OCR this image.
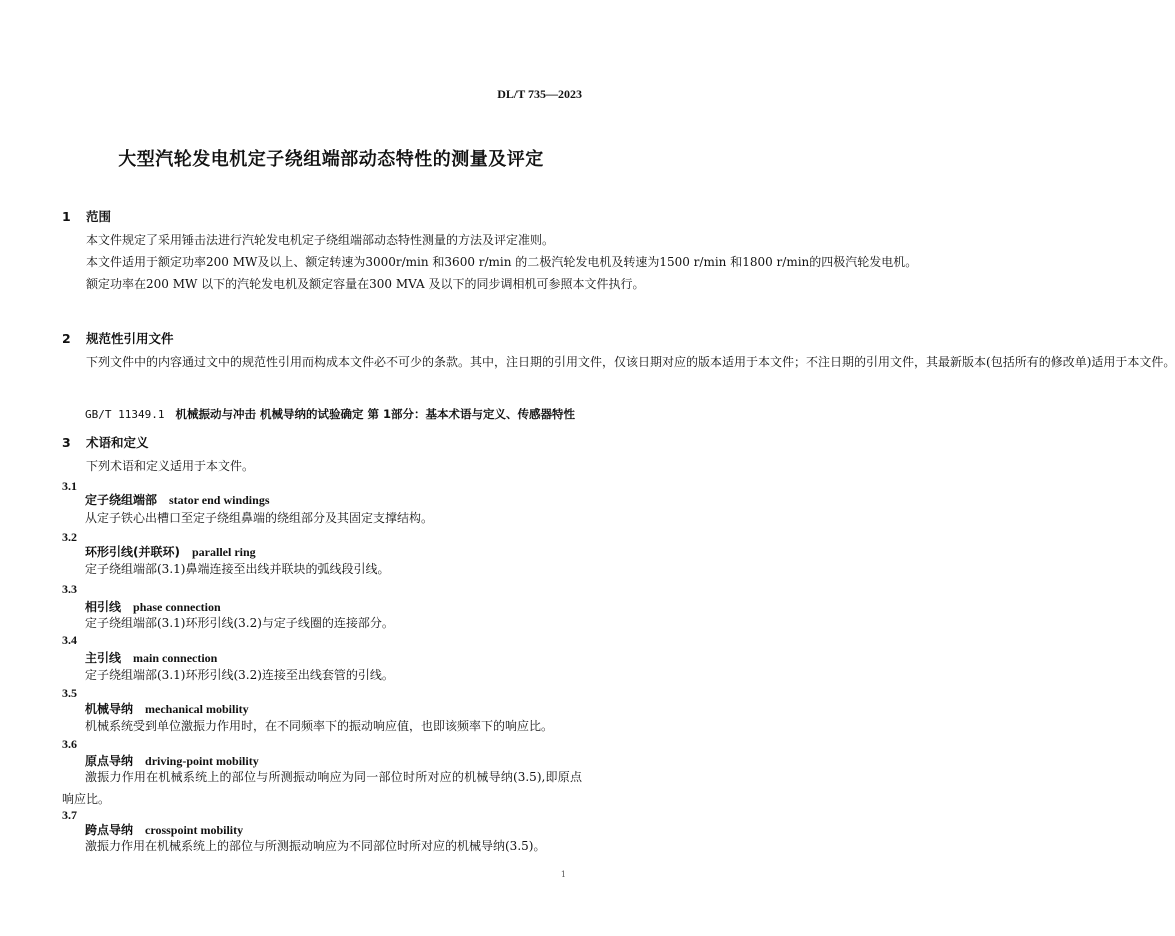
DL/T 735—2023
大型汽轮发电机定子绕组端部动态特性的测量及评定
1 范围

本文件规定了采用锤击法进行汽轮发电机定子绕组端部动态特性测量的方法及评定准则。

本文件适用于额定功率200 MW及以上、额定转速为3000r/min 和3600 r/min 的二极汽轮发电机及转速为1500 r/min 和1800 r/min的四极汽轮发电机。

额定功率在200 MW 以下的汽轮发电机及额定容量在300 MVA 及以下的同步调相机可参照本文件执行。

2 规范性引用文件

下列文件中的内容通过文中的规范性引用而构成本文件必不可少的条款。其中，注日期的引用文件，仅该日期对应的版本适用于本文件；不注日期的引用文件，其最新版本(包括所有的修改单)适用于本文件。

GB/T 11349.1 机械振动与冲击 机械导纳的试验确定 第 1部分：基本术语与定义、传感器特性
3 术语和定义

下列术语和定义适用于本文件。

3.1
定子绕组端部 stator end windings

从定子铁心出槽口至定子绕组鼻端的绕组部分及其固定支撑结构。

3.2
环形引线(并联环) parallel ring

定子绕组端部(3.1)鼻端连接至出线并联块的弧线段引线。

3.3
相引线 phase connection

定子绕组端部(3.1)环形引线(3.2)与定子线圈的连接部分。

3.4
主引线 main connection

定子绕组端部(3.1)环形引线(3.2)连接至出线套管的引线。

3.5
机械导纳 mechanical mobility

机械系统受到单位激振力作用时，在不同频率下的振动响应值，也即该频率下的响应比。

3.6
原点导纳 driving-point mobility

激振力作用在机械系统上的部位与所测振动响应为同一部位时所对应的机械导纳(3.5),即原点响应比。

3.7
跨点导纳 crosspoint mobility

激振力作用在机械系统上的部位与所测振动响应为不同部位时所对应的机械导纳(3.5)。

1
